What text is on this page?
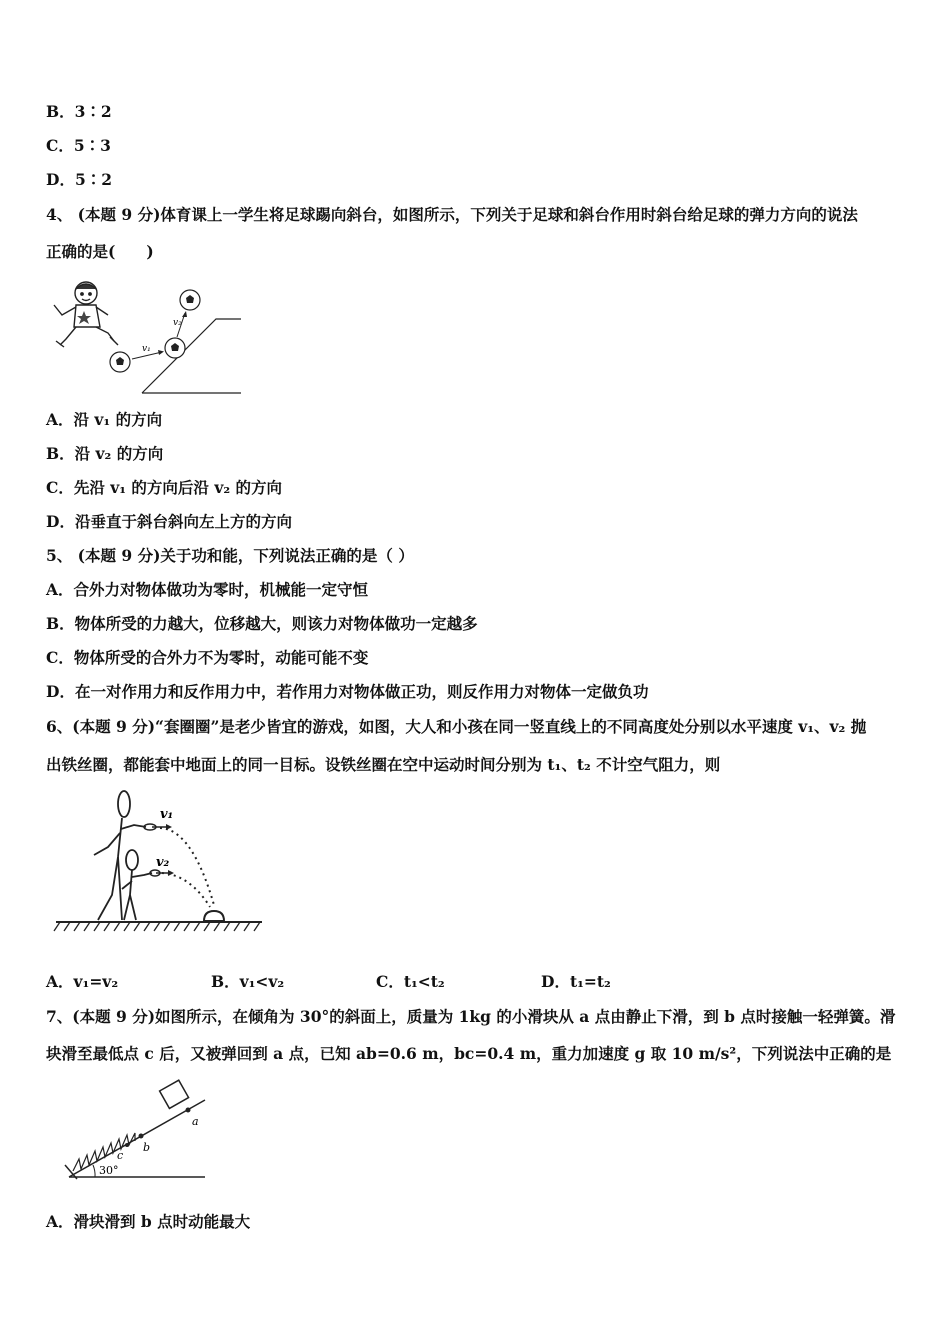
B．3∶2
C．5∶3
D．5∶2
4、 (本题 9 分)体育课上一学生将足球踢向斜台，如图所示，下列关于足球和斜台作用时斜台给足球的弹力方向的说法
正确的是(　　)
v₁
v₂
A．沿 v₁ 的方向
B．沿 v₂ 的方向
C．先沿 v₁ 的方向后沿 v₂ 的方向
D．沿垂直于斜台斜向左上方的方向
5、 (本题 9 分)关于功和能，下列说法正确的是（ ）
A．合外力对物体做功为零时，机械能一定守恒
B．物体所受的力越大，位移越大，则该力对物体做功一定越多
C．物体所受的合外力不为零时，动能可能不变
D．在一对作用力和反作用力中，若作用力对物体做正功，则反作用力对物体一定做负功
6、(本题 9 分)“套圈圈”是老少皆宜的游戏，如图，大人和小孩在同一竖直线上的不同高度处分别以水平速度 v₁、v₂ 抛
出铁丝圈，都能套中地面上的同一目标。设铁丝圈在空中运动时间分别为 t₁、t₂ 不计空气阻力，则
v₁
v₂
A．v₁=v₂	B．v₁<v₂	C．t₁<t₂	D．t₁=t₂
7、(本题 9 分)如图所示，在倾角为 30°的斜面上，质量为 1kg 的小滑块从 a 点由静止下滑，到 b 点时接触一轻弹簧。滑
块滑至最低点 c 后，又被弹回到 a 点，已知 ab=0.6 m，bc=0.4 m，重力加速度 g 取 10 m/s²，下列说法中正确的是
a
b
c
30°
A．滑块滑到 b 点时动能最大
